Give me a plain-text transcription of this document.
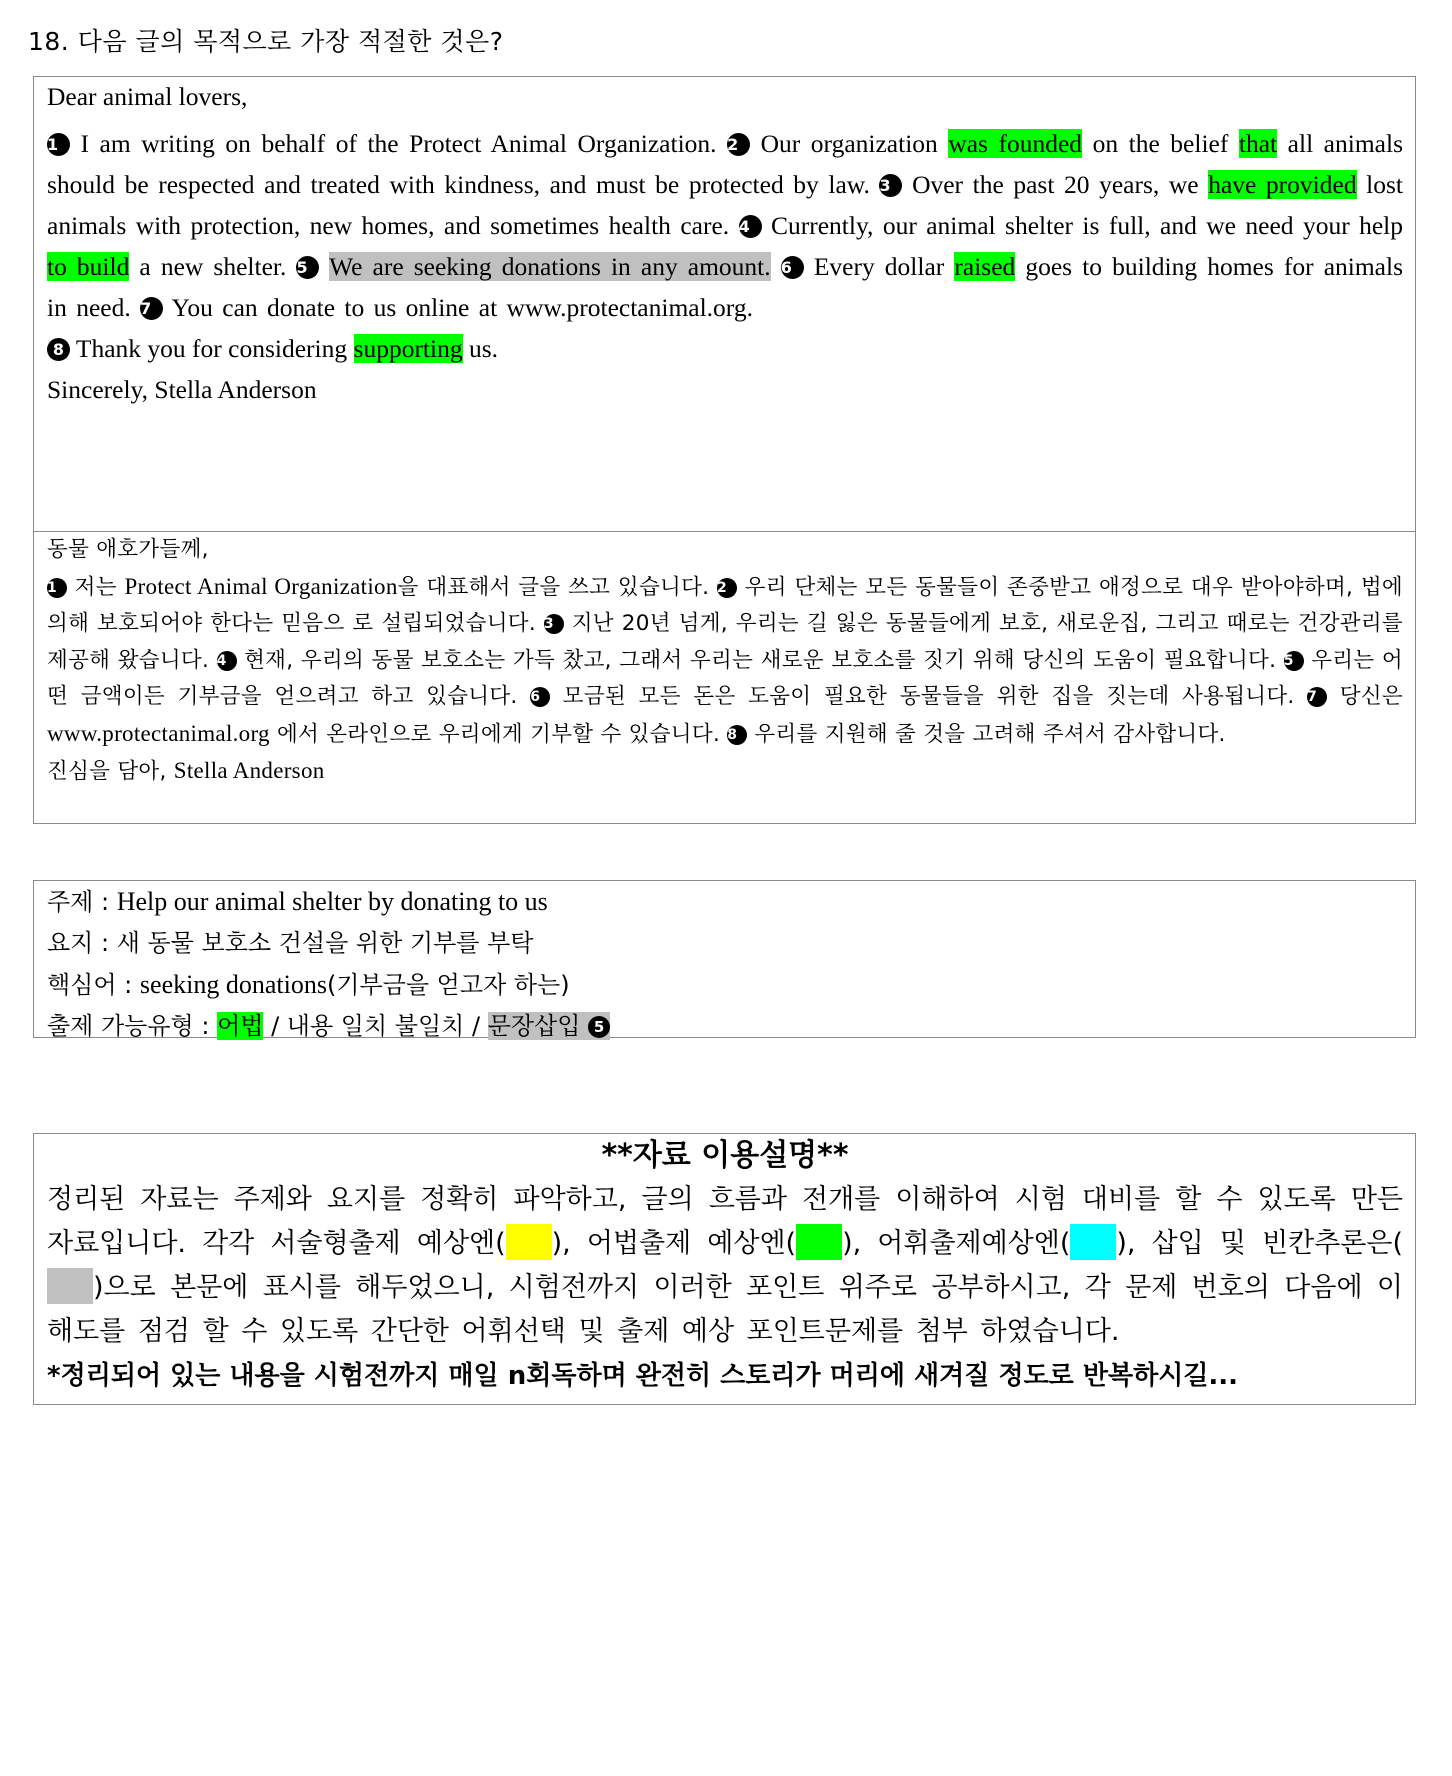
18. 다음 글의 목적으로 가장 적절한 것은?
Dear animal lovers,
1 I am writing on behalf of the Protect Animal Organization. 2 Our organization was founded on the belief that all animals should be respected and treated with kindness, and must be protected by law. 3 Over the past 20 years, we have provided lost animals with protection, new homes, and sometimes health care. 4 Currently, our animal shelter is full, and we need your help to build a new shelter. 5 We are seeking donations in any amount. 6 Every dollar raised goes to building homes for animals in need. 7 You can donate to us online at www.protectanimal.org.
8 Thank you for considering supporting us.
Sincerely, Stella Anderson
동물 애호가들께,
1 저는 Protect Animal Organization을 대표해서 글을 쓰고 있습니다. 2 우리 단체는 모든 동물들이 존중받고 애정으로 대우 받아야하며, 법에 의해 보호되어야 한다는 믿음으 로 설립되었습니다. 3 지난 20년 넘게, 우리는 길 잃은 동물들에게 보호, 새로운집, 그리고 때로는 건강관리를 제공해 왔습니다. 4 현재, 우리의 동물 보호소는 가득 찼고, 그래서 우리는 새로운 보호소를 짓기 위해 당신의 도움이 필요합니다. 5 우리는 어떤 금액이든 기부금을 얻으려고 하고 있습니다. 6 모금된 모든 돈은 도움이 필요한 동물들을 위한 집을 짓는데 사용됩니다. 7 당신은 www.protectanimal.org 에서 온라인으로 우리에게 기부할 수 있습니다. 8 우리를 지원해 줄 것을 고려해 주셔서 감사합니다.
진심을 담아, Stella Anderson
주제 : Help our animal shelter by donating to us
요지 : 새 동물 보호소 건설을 위한 기부를 부탁
핵심어 : seeking donations(기부금을 얻고자 하는)
출제 가능유형 : 어법 / 내용 일치 불일치 / 문장삽입 5
**자료 이용설명**
정리된 자료는 주제와 요지를 정확히 파악하고, 글의 흐름과 전개를 이해하여 시험 대비를 할 수 있도록 만든 자료입니다. 각각 서술형출제 예상엔( ), 어법출제 예상엔( ), 어휘출제예상엔( ), 삽입 및 빈칸추론은()으로 본문에 표시를 해두었으니, 시험전까지 이러한 포인트 위주로 공부하시고, 각 문제 번호의 다음에 이해도를 점검 할 수 있도록 간단한 어휘선택 및 출제 예상 포인트문제를 첨부 하였습니다.
*정리되어 있는 내용을 시험전까지 매일 n회독하며 완전히 스토리가 머리에 새겨질 정도로 반복하시길...
